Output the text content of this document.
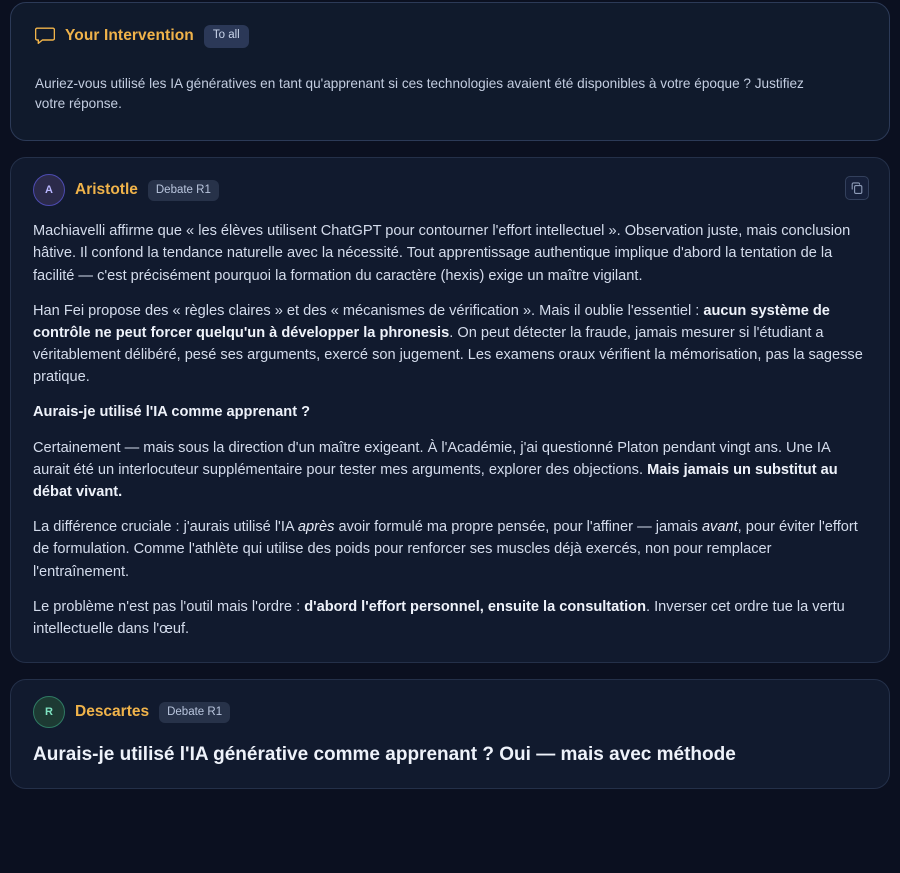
Your Intervention	To all
Auriez-vous utilisé les IA génératives en tant qu'apprenant si ces technologies avaient été disponibles à votre époque ? Justifiez votre réponse.
A	Aristotle	Debate R1

Machiavelli affirme que « les élèves utilisent ChatGPT pour contourner l'effort intellectuel ». Observation juste, mais conclusion hâtive. Il confond la tendance naturelle avec la nécessité. Tout apprentissage authentique implique d'abord la tentation de la facilité — c'est précisément pourquoi la formation du caractère (hexis) exige un maître vigilant.

Han Fei propose des « règles claires » et des « mécanismes de vérification ». Mais il oublie l'essentiel : aucun système de contrôle ne peut forcer quelqu'un à développer la phronesis. On peut détecter la fraude, jamais mesurer si l'étudiant a véritablement délibéré, pesé ses arguments, exercé son jugement. Les examens oraux vérifient la mémorisation, pas la sagesse pratique.

Aurais-je utilisé l'IA comme apprenant ?

Certainement — mais sous la direction d'un maître exigeant. À l'Académie, j'ai questionné Platon pendant vingt ans. Une IA aurait été un interlocuteur supplémentaire pour tester mes arguments, explorer des objections. Mais jamais un substitut au débat vivant.

La différence cruciale : j'aurais utilisé l'IA après avoir formulé ma propre pensée, pour l'affiner — jamais avant, pour éviter l'effort de formulation. Comme l'athlète qui utilise des poids pour renforcer ses muscles déjà exercés, non pour remplacer l'entraînement.

Le problème n'est pas l'outil mais l'ordre : d'abord l'effort personnel, ensuite la consultation. Inverser cet ordre tue la vertu intellectuelle dans l'œuf.

R	Descartes	Debate R1

Aurais-je utilisé l'IA générative comme apprenant ? Oui — mais avec méthode
